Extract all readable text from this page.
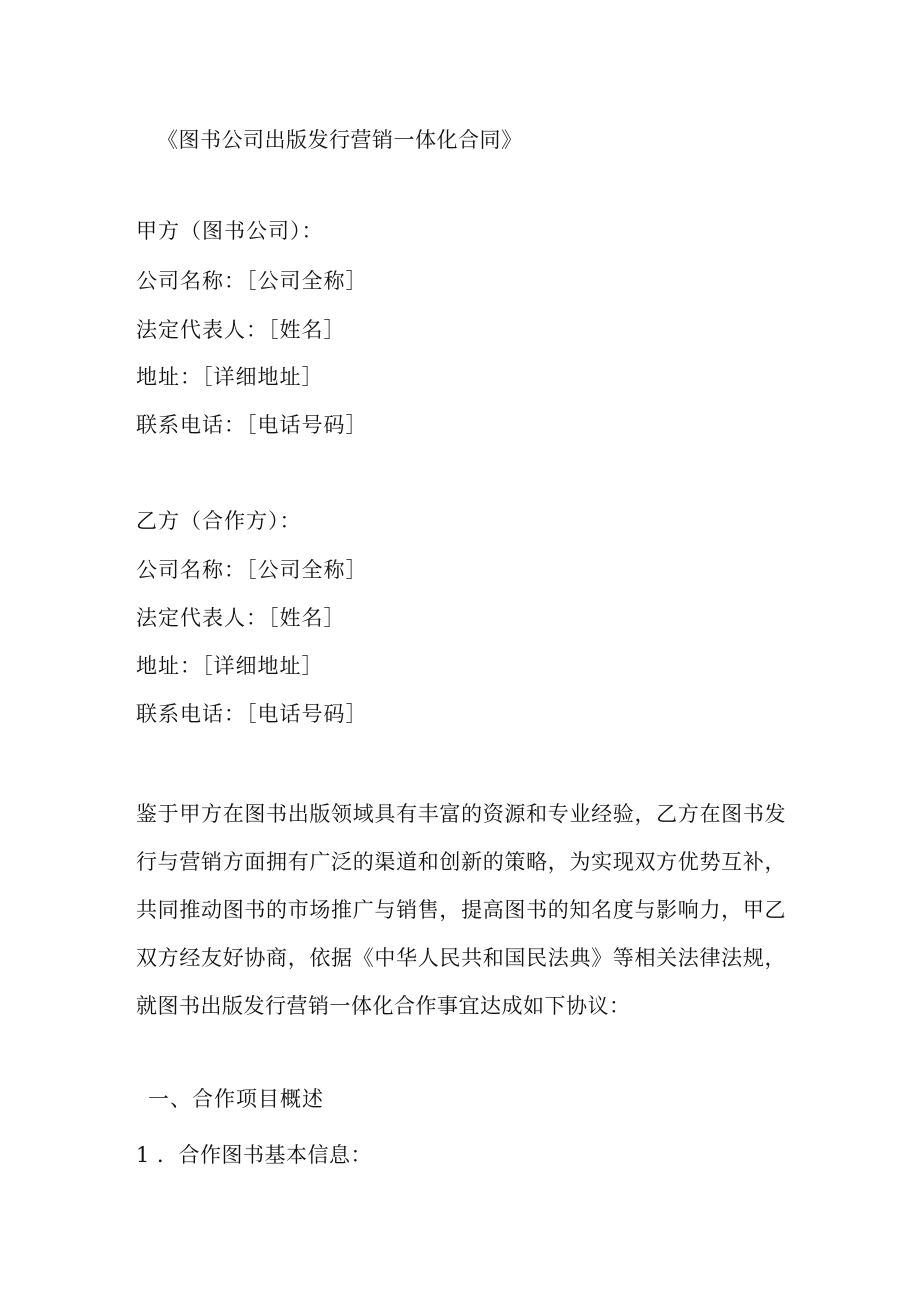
《图书公司出版发行营销一体化合同》
甲方（图书公司）：
公司名称：［公司全称］
法定代表人：［姓名］
地址：［详细地址］
联系电话：［电话号码］
乙方（合作方）：
公司名称：［公司全称］
法定代表人：［姓名］
地址：［详细地址］
联系电话：［电话号码］
鉴于甲方在图书出版领域具有丰富的资源和专业经验，乙方在图书发行与营销方面拥有广泛的渠道和创新的策略，为实现双方优势互补，共同推动图书的市场推广与销售，提高图书的知名度与影响力，甲乙双方经友好协商，依据《中华人民共和国民法典》等相关法律法规，就图书出版发行营销一体化合作事宜达成如下协议：
一、合作项目概述
1 ．合作图书基本信息：
